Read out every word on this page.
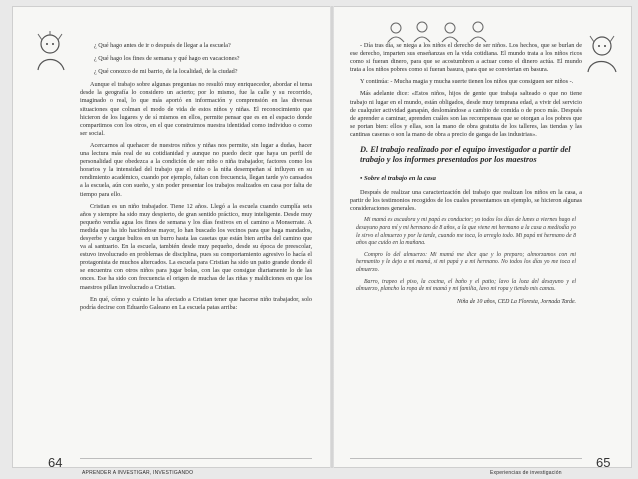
¿ Qué hago antes de ir o después de llegar a la escuela?

¿ Qué hago los fines de semana y qué hago en vacaciones?

¿ Qué conozco de mi barrio, de la localidad, de la ciudad?

Aunque el trabajo sobre algunas preguntas no resultó muy enriquecedor, abordar el tema desde la geografía lo considero un acierto; por lo mismo, fue la calle y su recorrido, imaginado o real, lo que más aportó en información y comprensión en las diversas situaciones que colman el modo de vida de estos niños y niñas. El reconocimiento que hicieron de los lugares y de sí mismos en ellos, permite pensar que es en el espacio donde compartimos con los otros, en el que construimos nuestra identidad como individuo o como ser social.

Acercarnos al quehacer de nuestros niños y niñas nos permite, sin lugar a dudas, hacer una lectura más real de su cotidianidad y aunque no puedo decir que haya un perfil de personalidad que obedezca a la condición de ser niño o niña trabajador, factores como los horarios y la intensidad del trabajo que el niño o la niña desempeñan sí influyen en su rendimiento académico, cuando por ejemplo, faltan con frecuencia, llegan tarde y/o cansados a la escuela, aún con sueño, y sin poder presentar los trabajos realizados en casa por falta de tiempo para ello.

Cristian es un niño trabajador. Tiene 12 años. Llegó a la escuela cuando cumplía seis años y siempre ha sido muy despierto, de gran sentido práctico, muy inteligente. Desde muy pequeño vendía agua los fines de semana y los días festivos en el camino a Monserrate. A medida que ha ido haciéndose mayor, lo han buscado los vecinos para que haga mandados, desyerbe y cargue bultos en un burro hasta las casetas que están bien arriba del camino que va al santuario. En la escuela, también desde muy pequeño, desde su época de preescolar, estuvo involucrado en problemas de disciplina, pues su comportamiento agresivo lo hacía el protagonista de muchos altercados. La escuela para Cristian ha sido un patio grande donde él se encuentra con otros niños para jugar bolas, con las que consigue diariamente lo de las onces. Ese ha sido con frecuencia el origen de muchas de las riñas y maldiciones en que los maestros pillan involucrado a Cristian.

En qué, cómo y cuánto le ha afectado a Cristian tener que hacerse niño trabajador, solo podría decirse con Eduardo Galeano en La escuela patas arriba:

- Día tras día, se niega a los niños el derecho de ser niños. Los hechos, que se burlan de ese derecho, imparten sus enseñanzas en la vida cotidiana. El mundo trata a los niños ricos como si fueran dinero, para que se acostumbren a actuar como el dinero actúa. El mundo trata a los niños pobres como si fueran basura, para que se conviertan en basura.

Y continúa: - Mucha magia y mucha suerte tienen los niños que consiguen ser niños -.

Más adelante dice: «Estos niños, hijos de gente que trabaja salteado o que no tiene trabajo ni lugar en el mundo, están obligados, desde muy temprana edad, a vivir del servicio de cualquier actividad ganapán, deslomándose a cambio de comida o de poco más. Después de aprender a caminar, aprenden cuáles son las recompensas que se otorgan a los pobres que se portan bien: ellos y ellas, son la mano de obra gratuita de los talleres, las tiendas y las cantinas caseras o son la mano de obra a precio de ganga de las industrias».

D. El trabajo realizado por el equipo investigador a partir del trabajo y los informes presentados por los maestros
• Sobre el trabajo en la casa

Después de realizar una caracterización del trabajo que realizan los niños en la casa, a partir de los testimonios recogidos de los cuales presentamos un ejemplo, se hicieron algunas consideraciones generales.

Mi mamá es ascadora y mi papá es conductor; yo todos los días de lunes a viernes hago el desayuno para mí y mi hermano de 8 años, a la que viene mi hermano a la casa a mediodía yo le sirvo el almuerzo y por la tarde, cuando me toca, lo arreglo todo. Mi papá mi hermano de 8 años que cuido en la mañana.

Compro lo del almuerzo: Mi mamá me dice que y lo preparo; almorzamos con mi hermanito y le dejo a mi mamá, si mi papá y a mi hermano. No todos los días yo me toca el almuerzo.

Barro, trapeo el piso, la cocina, el baño y el patio; lavo la loza del desayuno y el almuerzo, plancho la ropa de mi mamá y mi familia, lavo mi ropa y tiendo mis camas.

Niña de 10 años, CED La Floresta, Jornada Tarde.
64
APRENDER A INVESTIGAR, INVESTIGANDO	Experiencias de investigación
65
